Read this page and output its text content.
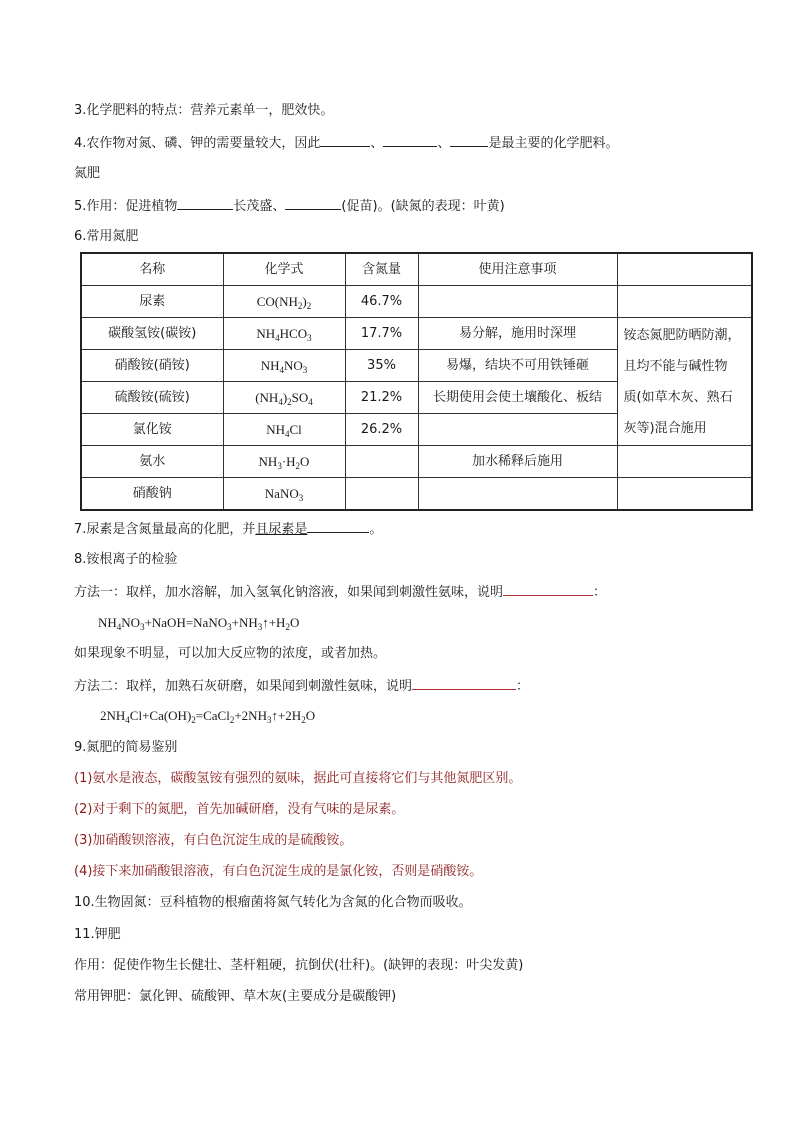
3.化学肥料的特点：营养元素单一，肥效快。
4.农作物对氮、磷、钾的需要量较大，因此	、	、	是最主要的化学肥料。
氮肥
5.作用：促进植物	长茂盛、	(促苗)。(缺氮的表现：叶黄)
6.常用氮肥
7.尿素是含氮量最高的化肥，并且尿素是	。
8.铵根离子的检验
方法一：取样，加水溶解，加入氢氧化钠溶液，如果闻到刺激性氨味，说明	：
$NH_4NO_3+NaOH=NaNO_3+NH_3↑+H_2O$
如果现象不明显，可以加大反应物的浓度，或者加热。
方法二：取样，加熟石灰研磨，如果闻到刺激性氨味，说明	：
$2NH_4Cl+Ca(OH)_2=CaCl_2+2NH_3↑+2H_2O$
9.氮肥的简易鉴别
(1)氨水是液态，碳酸氢铵有强烈的氨味，据此可直接将它们与其他氮肥区别。
(2)对于剩下的氮肥，首先加碱研磨，没有气味的是尿素。
(3)加硝酸钡溶液，有白色沉淀生成的是硫酸铵。
(4)接下来加硝酸银溶液，有白色沉淀生成的是氯化铵，否则是硝酸铵。
10.生物固氮：豆科植物的根瘤菌将氮气转化为含氮的化合物而吸收。
11.钾肥
作用：促使作物生长健壮、茎杆粗硬，抗倒伏(壮秆)。(缺钾的表现：叶尖发黄)
常用钾肥：氯化钾、硫酸钾、草木灰(主要成分是碳酸钾)
名称	化学式	含氮量	使用注意事项	
尿素	$CO(NH_2)_2$	46.7%		
碳酸氢铵(碳铵)	$NH_4HCO_3$	17.7%	易分解，施用时深埋	铵态氮肥防晒防潮，
且均不能与碱性物
质(如草木灰、熟石
灰等)混合施用

硝酸铵(硝铵)	$NH_4NO_3$	35%	易爆，结块不可用铁锤砸	
硫酸铵(硫铵)	$(NH_4)_2SO_4$	21.2%	长期使用会使土壤酸化、板结	
氯化铵	$NH_4Cl$	26.2%		
氨水	$NH_3\cdot H_2O$		加水稀释后施用	
硝酸钠	NaNO$_3$			
